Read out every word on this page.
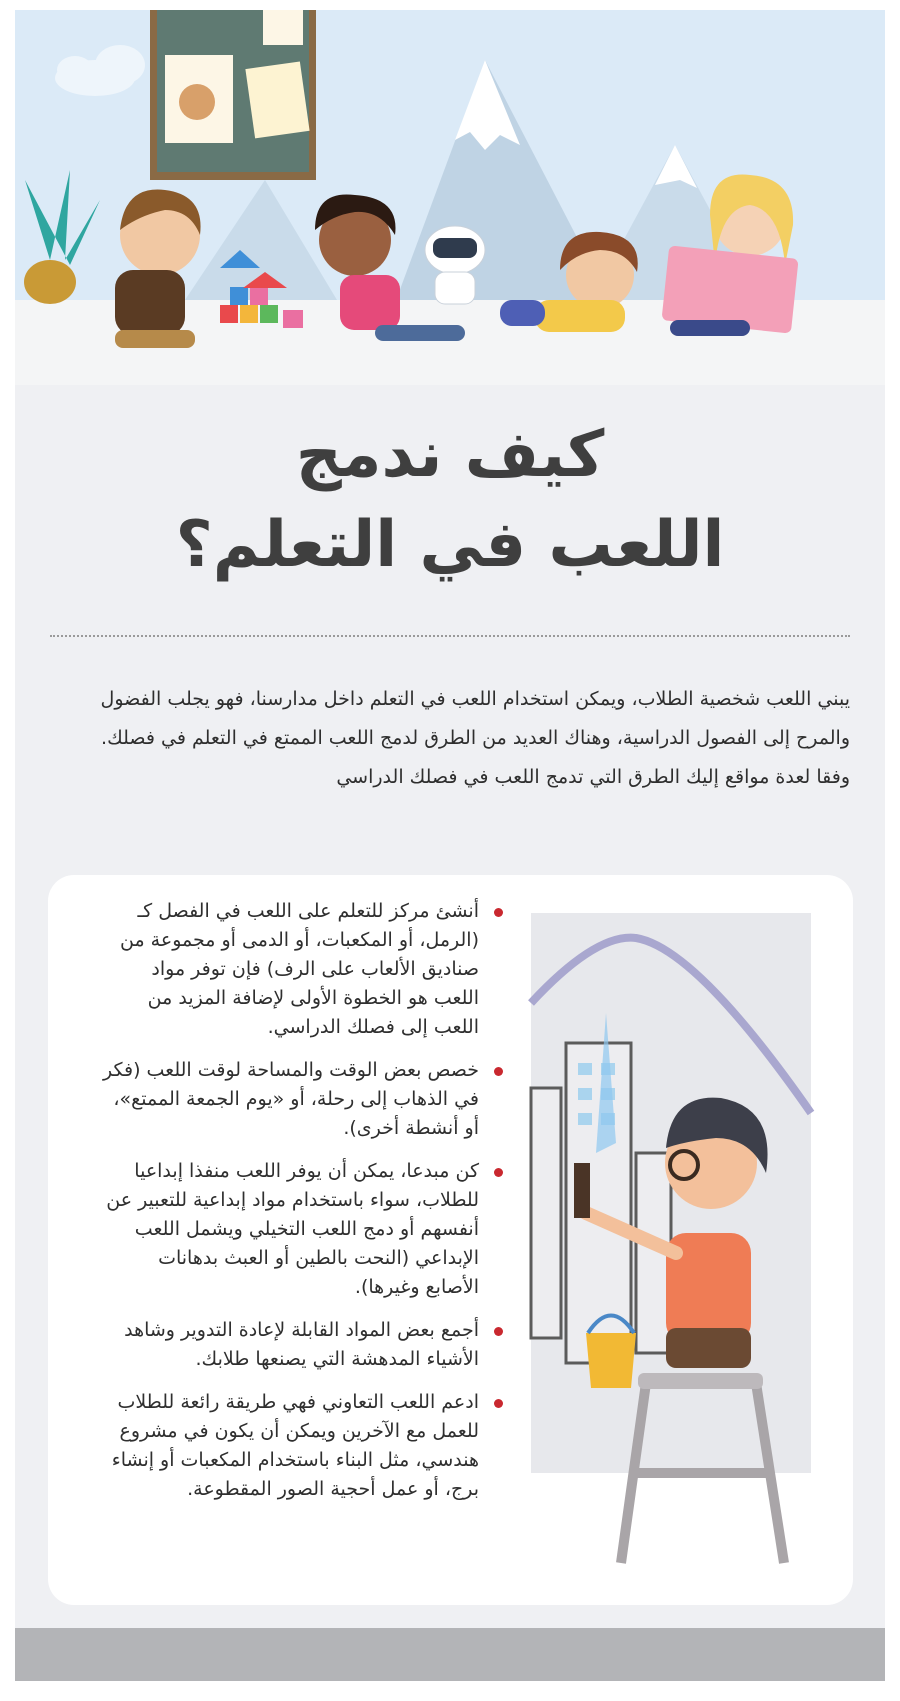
كيف ندمج
اللعب في التعلم؟

يبني اللعب شخصية الطلاب، ويمكن استخدام اللعب في التعلم داخل مدارسنا، فهو يجلب الفضول والمرح إلى الفصول الدراسية، وهناك العديد من الطرق لدمج اللعب الممتع في التعلم في فصلك.

وفقا لعدة مواقع إليك الطرق التي تدمج اللعب في فصلك الدراسي

أنشئ مركز للتعلم على اللعب في الفصل كـ (الرمل، أو المكعبات، أو الدمى أو مجموعة من صناديق الألعاب على الرف) فإن توفر مواد اللعب هو الخطوة الأولى لإضافة المزيد من اللعب إلى فصلك الدراسي.
خصص بعض الوقت والمساحة لوقت اللعب (فكر في الذهاب إلى رحلة، أو «يوم الجمعة الممتع»، أو أنشطة أخرى).
كن مبدعا، يمكن أن يوفر اللعب منفذا إبداعيا للطلاب، سواء باستخدام مواد إبداعية للتعبير عن أنفسهم أو دمج اللعب التخيلي ويشمل اللعب الإبداعي (النحت بالطين أو العبث بدهانات الأصابع وغيرها).
أجمع بعض المواد القابلة لإعادة التدوير وشاهد الأشياء المدهشة التي يصنعها طلابك.
ادعم اللعب التعاوني فهي طريقة رائعة للطلاب للعمل مع الآخرين ويمكن أن يكون في مشروع هندسي، مثل البناء باستخدام المكعبات أو إنشاء برج، أو عمل أحجية الصور المقطوعة.
